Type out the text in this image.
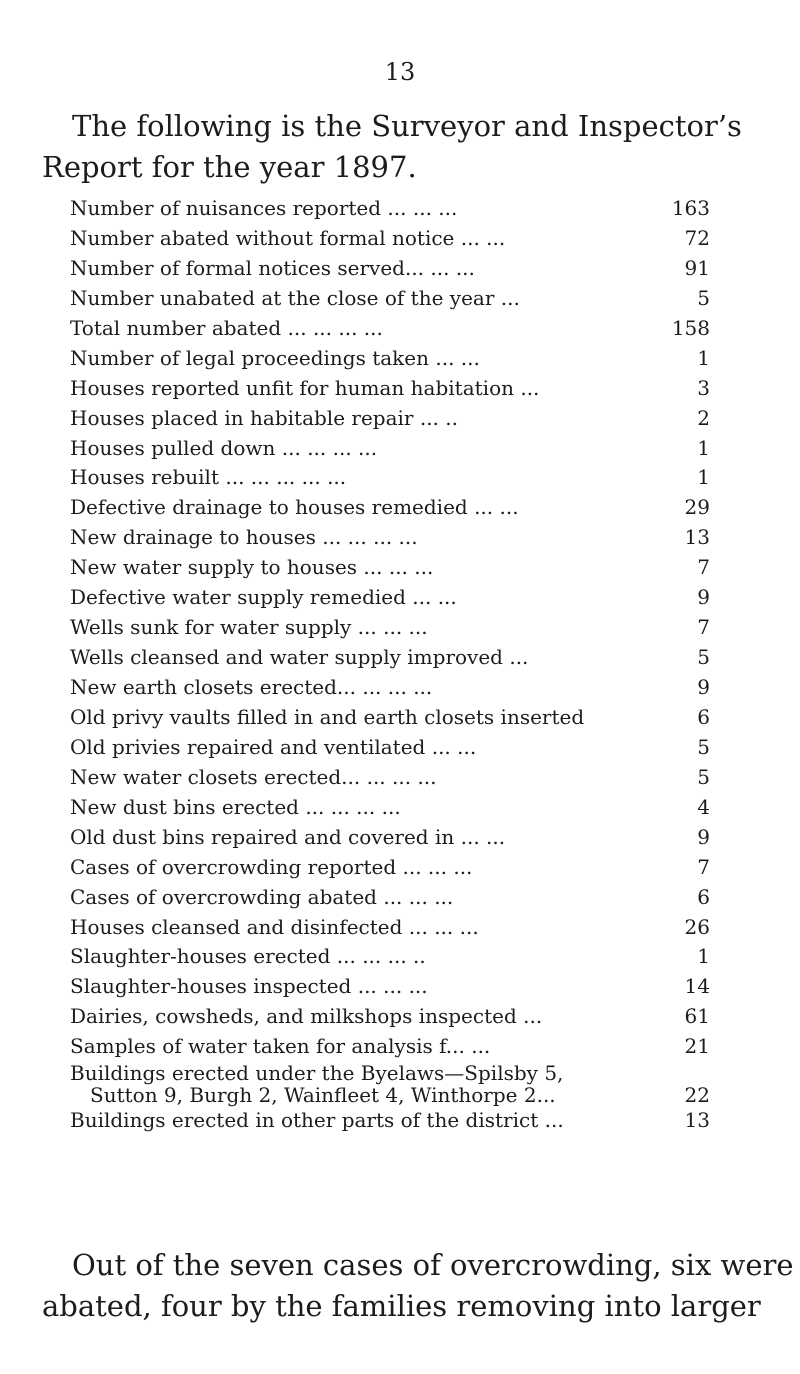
13
The following is the Surveyor and Inspector’s
Report for the year 1897.
Number of nuisances reported ... ... ...	163
Number abated without formal notice ... ...	72
Number of formal notices served... ... ...	91
Number unabated at the close of the year ...	5
Total number abated ... ... ... ...	158
Number of legal proceedings taken ... ...	1
Houses reported unfit for human habitation ...	3
Houses placed in habitable repair ... ..	2
Houses pulled down ... ... ... ...	1
Houses rebuilt ... ... ... ... ...	1
Defective drainage to houses remedied ... ...	29
New drainage to houses ... ... ... ...	13
New water supply to houses ... ... ...	7
Defective water supply remedied ... ...	9
Wells sunk for water supply ... ... ...	7
Wells cleansed and water supply improved ...	5
New earth closets erected... ... ... ...	9
Old privy vaults filled in and earth closets inserted	6
Old privies repaired and ventilated ... ...	5
New water closets erected... ... ... ...	5
New dust bins erected ... ... ... ...	4
Old dust bins repaired and covered in ... ...	9
Cases of overcrowding reported ... ... ...	7
Cases of overcrowding abated ... ... ...	6
Houses cleansed and disinfected ... ... ...	26
Slaughter-houses erected ... ... ... ..	1
Slaughter-houses inspected ... ... ...	14
Dairies, cowsheds, and milkshops inspected ...	61
Samples of water taken for analysis f... ...	21
Buildings erected under the Byelaws—Spilsby 5,
Sutton 9, Burgh 2, Wainfleet 4, Winthorpe 2...	22
Buildings erected in other parts of the district ...	13
Out of the seven cases of overcrowding, six were
abated, four by the families removing into larger
